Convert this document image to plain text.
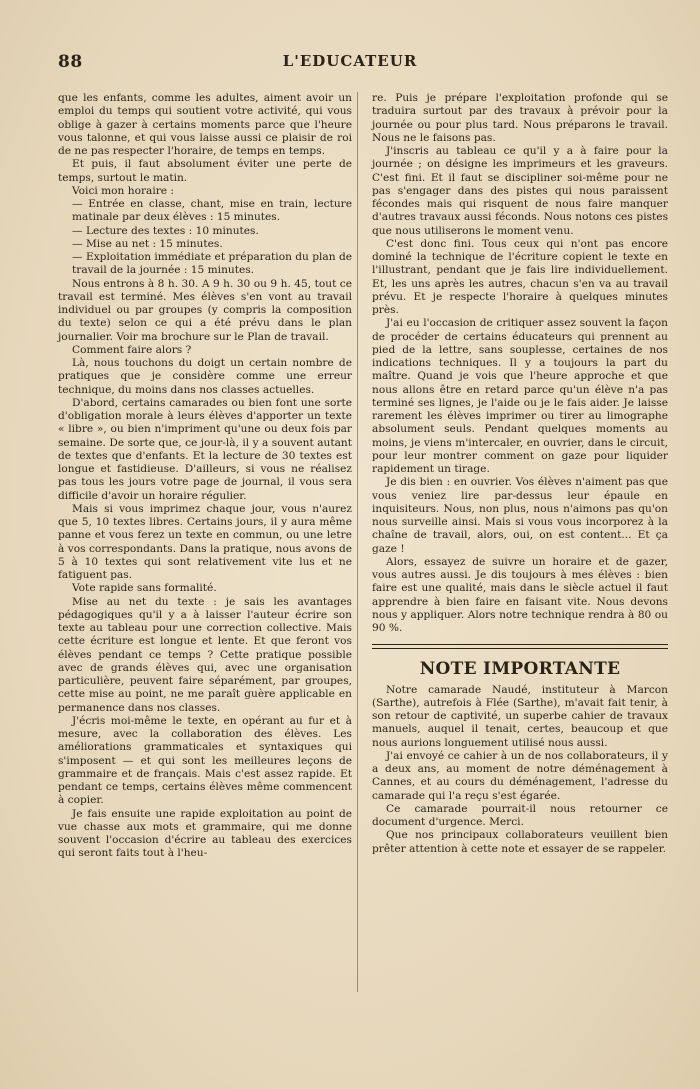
88	L'EDUCATEUR

que les enfants, comme les adultes, aiment avoir un emploi du temps qui soutient votre activité, qui vous oblige à gazer à certains moments parce que l'heure vous talonne, et qui vous laisse aussi ce plaisir de roi de ne pas respecter l'horaire, de temps en temps.

Et puis, il faut absolument éviter une perte de temps, surtout le matin.

Voici mon horaire :

— Entrée en classe, chant, mise en train, lecture matinale par deux élèves : 15 minutes.

— Lecture des textes : 10 minutes.

— Mise au net : 15 minutes.

— Exploitation immédiate et préparation du plan de travail de la journée : 15 minutes.

Nous entrons à 8 h. 30. A 9 h. 30 ou 9 h. 45, tout ce travail est terminé. Mes élèves s'en vont au travail individuel ou par groupes (y compris la composition du texte) selon ce qui a été prévu dans le plan journalier. Voir ma brochure sur le Plan de travail.

Comment faire alors ?

Là, nous touchons du doigt un certain nombre de pratiques que je considère comme une erreur technique, du moins dans nos classes actuelles.

D'abord, certains camarades ou bien font une sorte d'obligation morale à leurs élèves d'apporter un texte « libre », ou bien n'impriment qu'une ou deux fois par semaine. De sorte que, ce jour-là, il y a souvent autant de textes que d'enfants. Et la lecture de 30 textes est longue et fastidieuse. D'ailleurs, si vous ne réalisez pas tous les jours votre page de journal, il vous sera difficile d'avoir un horaire régulier.

Mais si vous imprimez chaque jour, vous n'aurez que 5, 10 textes libres. Certains jours, il y aura même panne et vous ferez un texte en commun, ou une letre à vos correspondants. Dans la pratique, nous avons de 5 à 10 textes qui sont relativement vite lus et ne fatiguent pas.

Vote rapide sans formalité.

Mise au net du texte : je sais les avantages pédagogiques qu'il y a à laisser l'auteur écrire son texte au tableau pour une correction collective. Mais cette écriture est longue et lente. Et que feront vos élèves pendant ce temps ? Cette pratique possible avec de grands élèves qui, avec une organisation particulière, peuvent faire séparément, par groupes, cette mise au point, ne me paraît guère applicable en permanence dans nos classes.

J'écris moi-même le texte, en opérant au fur et à mesure, avec la collaboration des élèves. Les améliorations grammaticales et syntaxiques qui s'imposent — et qui sont les meilleures leçons de grammaire et de français. Mais c'est assez rapide. Et pendant ce temps, certains élèves même commencent à copier.

Je fais ensuite une rapide exploitation au point de vue chasse aux mots et grammaire, qui me donne souvent l'occasion d'écrire au tableau des exercices qui seront faits tout à l'heu-

re. Puis je prépare l'exploitation profonde qui se traduira surtout par des travaux à prévoir pour la journée ou pour plus tard. Nous préparons le travail. Nous ne le faisons pas.

J'inscris au tableau ce qu'il y a à faire pour la journée ; on désigne les imprimeurs et les graveurs. C'est fini. Et il faut se discipliner soi-même pour ne pas s'engager dans des pistes qui nous paraissent fécondes mais qui risquent de nous faire manquer d'autres travaux aussi féconds. Nous notons ces pistes que nous utiliserons le moment venu.

C'est donc fini. Tous ceux qui n'ont pas encore dominé la technique de l'écriture copient le texte en l'illustrant, pendant que je fais lire individuellement. Et, les uns après les autres, chacun s'en va au travail prévu. Et je respecte l'horaire à quelques minutes près.

J'ai eu l'occasion de critiquer assez souvent la façon de procéder de certains éducateurs qui prennent au pied de la lettre, sans souplesse, certaines de nos indications techniques. Il y a toujours la part du maître. Quand je vois que l'heure approche et que nous allons être en retard parce qu'un élève n'a pas terminé ses lignes, je l'aide ou je le fais aider. Je laisse rarement les élèves imprimer ou tirer au limographe absolument seuls. Pendant quelques moments au moins, je viens m'intercaler, en ouvrier, dans le circuit, pour leur montrer comment on gaze pour liquider rapidement un tirage.

Je dis bien : en ouvrier. Vos élèves n'aiment pas que vous veniez lire par-dessus leur épaule en inquisiteurs. Nous, non plus, nous n'aimons pas qu'on nous surveille ainsi. Mais si vous vous incorporez à la chaîne de travail, alors, oui, on est content... Et ça gaze !

Alors, essayez de suivre un horaire et de gazer, vous autres aussi. Je dis toujours à mes élèves : bien faire est une qualité, mais dans le siècle actuel il faut apprendre à bien faire en faisant vite. Nous devons nous y appliquer. Alors notre technique rendra à 80 ou 90 %.

NOTE IMPORTANTE

Notre camarade Naudé, instituteur à Marcon (Sarthe), autrefois à Flée (Sarthe), m'avait fait tenir, à son retour de captivité, un superbe cahier de travaux manuels, auquel il tenait, certes, beaucoup et que nous aurions longuement utilisé nous aussi.

J'ai envoyé ce cahier à un de nos collaborateurs, il y a deux ans, au moment de notre déménagement à Cannes, et au cours du déménagement, l'adresse du camarade qui l'a reçu s'est égarée.

Ce camarade pourrait-il nous retourner ce document d'urgence. Merci.

Que nos principaux collaborateurs veuillent bien prêter attention à cette note et essayer de se rappeler.
